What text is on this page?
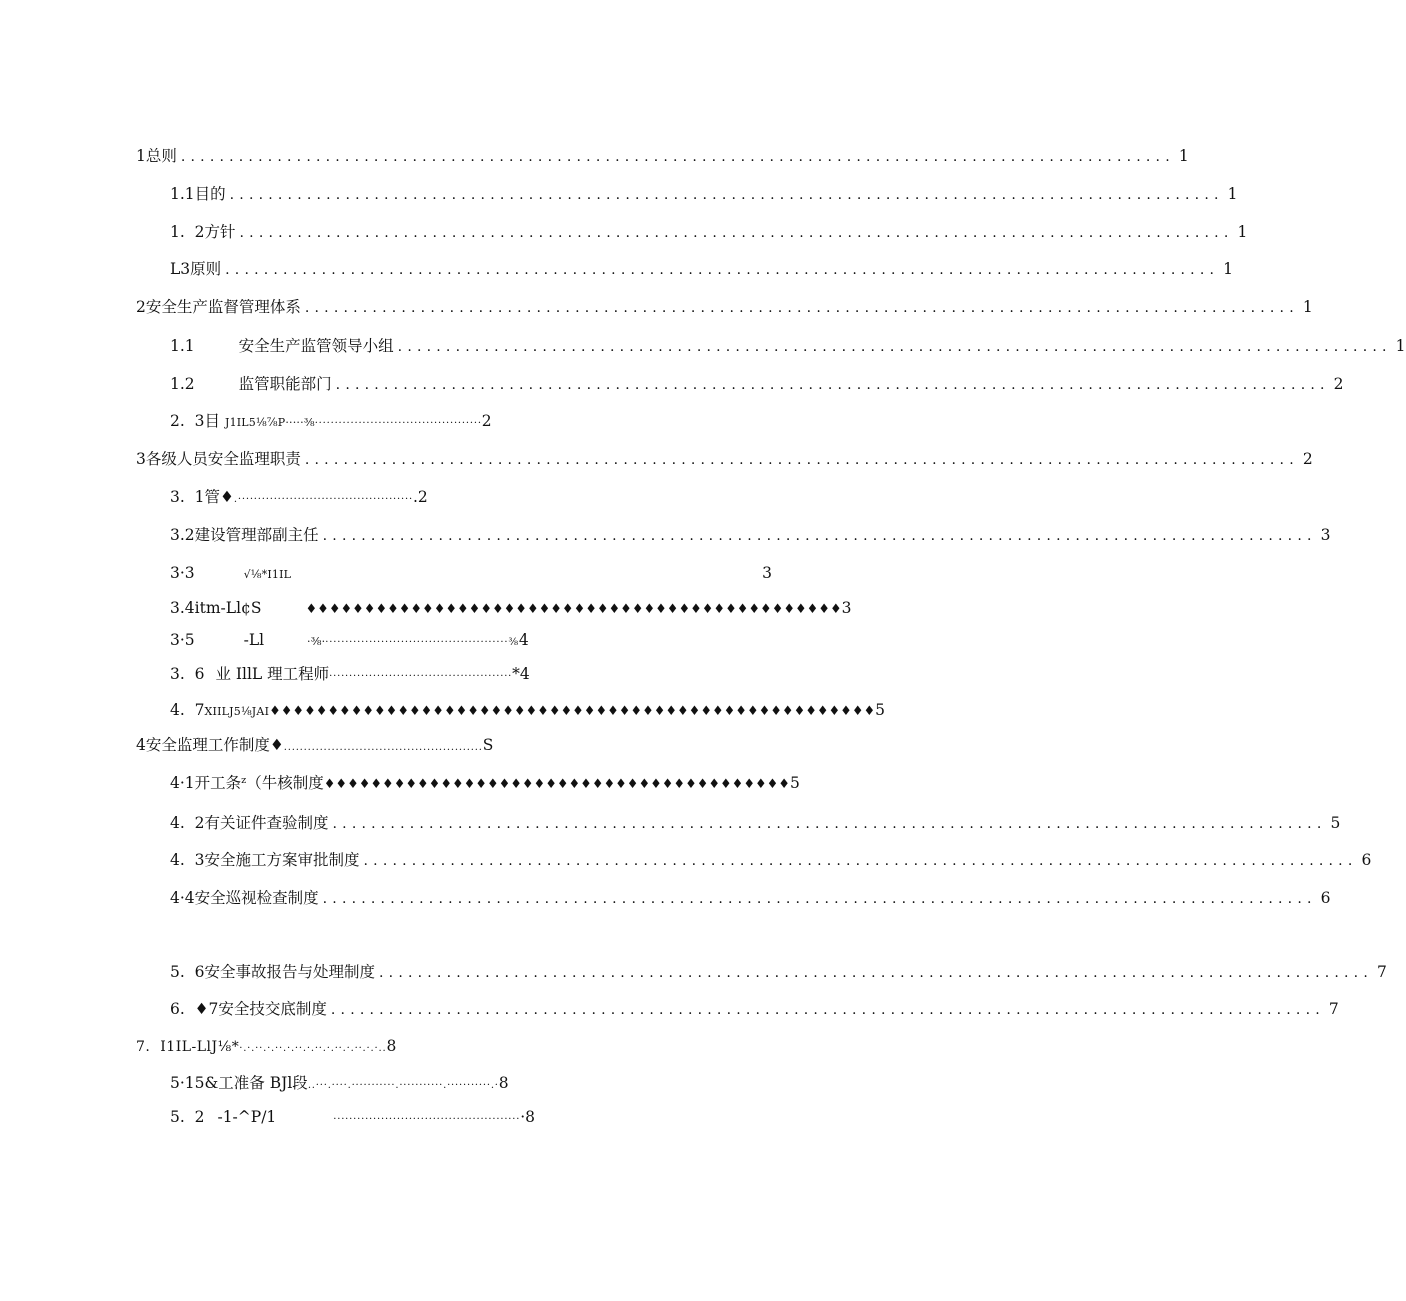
1总则 ....................................................................................................... 1
1.1目的 ....................................................................................................... 1
1.  2方针 ....................................................................................................... 1
L3原则 ....................................................................................................... 1
2安全生产监督管理体系 ....................................................................................................... 1
1.1	安全生产监管领导小组 ....................................................................................................... 1
1.2	监管职能部门 ....................................................................................................... 2
2.  3目 J1IL5⅛⅞P·····⅜··········································2
3各级人员安全监理职责 ....................................................................................................... 2
3.  1管♦.············································.2
3.2建设管理部副主任 ....................................................................................................... 3
3·3	√⅛*I1IL	3
3.4itm-Ll¢S	♦♦♦♦♦♦♦♦♦♦♦♦♦♦♦♦♦♦♦♦♦♦♦♦♦♦♦♦♦♦♦♦♦♦♦♦♦♦♦♦♦♦♦♦♦♦3
3·5	-Ll	·⅜···············································⅜4
3.  6 业 IllL 理工程师··············································*4
4.  7XIILJ5⅛JAI♦♦♦♦♦♦♦♦♦♦♦♦♦♦♦♦♦♦♦♦♦♦♦♦♦♦♦♦♦♦♦♦♦♦♦♦♦♦♦♦♦♦♦♦♦♦♦♦♦♦♦♦5
4安全监理工作制度♦..................................................S
4·1开工条ᶻ（牛核制度♦♦♦♦♦♦♦♦♦♦♦♦♦♦♦♦♦♦♦♦♦♦♦♦♦♦♦♦♦♦♦♦♦♦♦♦♦♦♦♦5
4.  2有关证件查验制度 ....................................................................................................... 5
4.  3安全施工方案审批制度 ....................................................................................................... 6
4·4安全巡视检查制度 ....................................................................................................... 6
5.  6安全事故报告与处理制度 ....................................................................................................... 7
6.  ♦7安全技交底制度 ....................................................................................................... 7
7.  I1IL-LlJ⅛*·.·.··.·.··.·.··.·.··.·.··.·.··.·.·..8
5·15&工准备 BJl段..···.····.···········.···········.···········.·8
5.  2 -1-^P/1	················································8
